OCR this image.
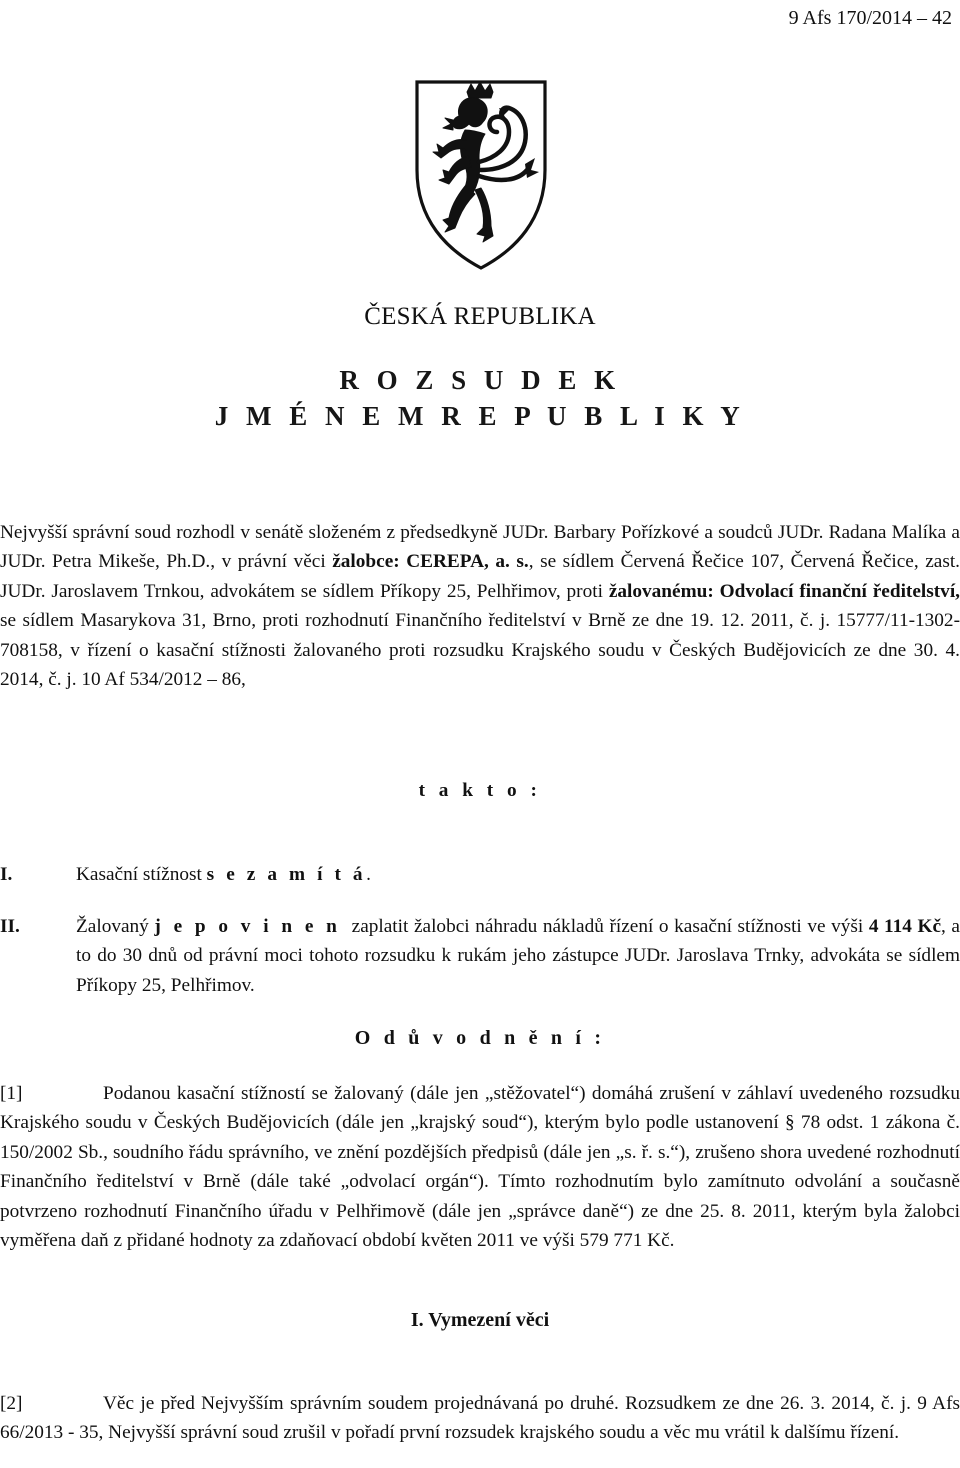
9 Afs 170/2014 – 42
ČESKÁ REPUBLIKA
R O Z S U D E K
J M É N E M R E P U B L I K Y
Nejvyšší správní soud rozhodl v senátě složeném z předsedkyně JUDr. Barbary Pořízkové a soudců JUDr. Radana Malíka a JUDr. Petra Mikeše, Ph.D., v právní věci žalobce: CEREPA, a. s., se sídlem Červená Řečice 107, Červená Řečice, zast. JUDr. Jaroslavem Trnkou, advokátem se sídlem Příkopy 25, Pelhřimov, proti žalovanému: Odvolací finanční ředitelství, se sídlem Masarykova 31, Brno, proti rozhodnutí Finančního ředitelství v Brně ze dne 19. 12. 2011, č. j. 15777/11-1302-708158, v řízení o kasační stížnosti žalovaného proti rozsudku Krajského soudu v Českých Budějovicích ze dne 30. 4. 2014, č. j. 10 Af 534/2012 – 86,
t a k t o :
I.	Kasační stížnost s e z a m í t á.
II.	Žalovaný j e p o v i n e n  zaplatit žalobci náhradu nákladů řízení o kasační stížnosti ve výši 4 114 Kč, a to do 30 dnů od právní moci tohoto rozsudku k rukám jeho zástupce JUDr. Jaroslava Trnky, advokáta se sídlem Příkopy 25, Pelhřimov.
O d ů v o d n ě n í :
[1]	Podanou kasační stížností se žalovaný (dále jen „stěžovatel“) domáhá zrušení v záhlaví uvedeného rozsudku Krajského soudu v Českých Budějovicích (dále jen „krajský soud“), kterým bylo podle ustanovení § 78 odst. 1 zákona č. 150/2002 Sb., soudního řádu správního, ve znění pozdějších předpisů (dále jen „s. ř. s.“), zrušeno shora uvedené rozhodnutí Finančního ředitelství v Brně (dále také „odvolací orgán“). Tímto rozhodnutím bylo zamítnuto odvolání a současně potvrzeno rozhodnutí Finančního úřadu v Pelhřimově (dále jen „správce daně“) ze dne 25. 8. 2011, kterým byla žalobci vyměřena daň z přidané hodnoty za zdaňovací období květen 2011 ve výši 579 771 Kč.
I. Vymezení věci
[2]	Věc je před Nejvyšším správním soudem projednávaná po druhé. Rozsudkem ze dne 26. 3. 2014, č. j. 9 Afs 66/2013 - 35, Nejvyšší správní soud zrušil v pořadí první rozsudek krajského soudu a věc mu vrátil k dalšímu řízení.
